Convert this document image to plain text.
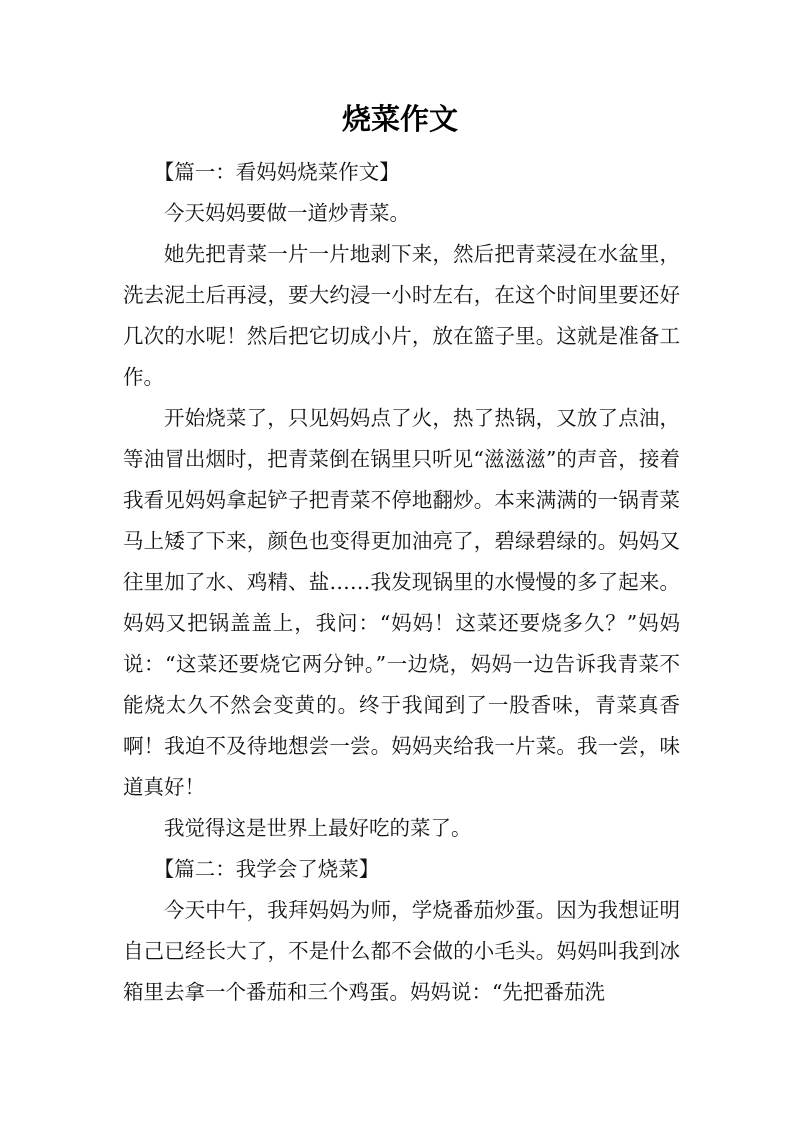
烧菜作文

【篇一：看妈妈烧菜作文】

今天妈妈要做一道炒青菜。

她先把青菜一片一片地剥下来，然后把青菜浸在水盆里，洗去泥土后再浸，要大约浸一小时左右，在这个时间里要还好几次的水呢！然后把它切成小片，放在篮子里。这就是准备工作。

开始烧菜了，只见妈妈点了火，热了热锅，又放了点油，等油冒出烟时，把青菜倒在锅里只听见“滋滋滋”的声音，接着我看见妈妈拿起铲子把青菜不停地翻炒。本来满满的一锅青菜马上矮了下来，颜色也变得更加油亮了，碧绿碧绿的。妈妈又往里加了水、鸡精、盐……我发现锅里的水慢慢的多了起来。妈妈又把锅盖盖上，我问：“妈妈！这菜还要烧多久？”妈妈说：“这菜还要烧它两分钟。”一边烧，妈妈一边告诉我青菜不能烧太久不然会变黄的。终于我闻到了一股香味，青菜真香啊！我迫不及待地想尝一尝。妈妈夹给我一片菜。我一尝，味道真好！

我觉得这是世界上最好吃的菜了。

【篇二：我学会了烧菜】

今天中午，我拜妈妈为师，学烧番茄炒蛋。因为我想证明自己已经长大了，不是什么都不会做的小毛头。妈妈叫我到冰箱里去拿一个番茄和三个鸡蛋。妈妈说：“先把番茄洗
